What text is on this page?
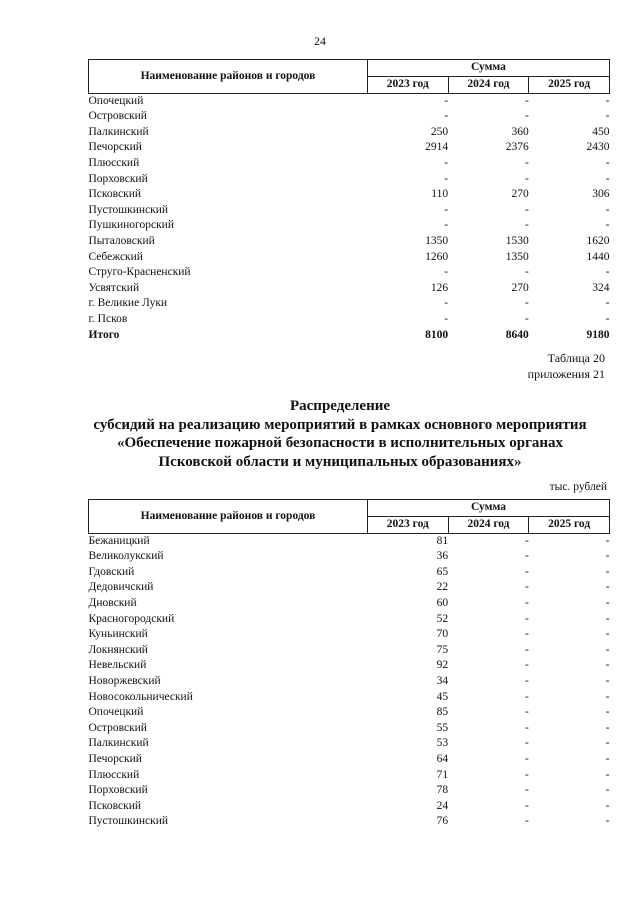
24
Наименование районов и городов	Сумма		
	2023 год	2024 год	2025 год
Опочецкий	-	-	-
Островский	-	-	-
Палкинский	250	360	450
Печорский	2914	2376	2430
Плюсский	-	-	-
Порховский	-	-	-
Псковский	110	270	306
Пустошкинский	-	-	-
Пушкиногорский	-	-	-
Пыталовский	1350	1530	1620
Себежский	1260	1350	1440
Струго-Красненский	-	-	-
Усвятский	126	270	324
г. Великие Луки	-	-	-
г. Псков	-	-	-
Итого	8100	8640	9180
Таблица 20
приложения 21
Распределение
субсидий на реализацию мероприятий в рамках основного мероприятия
«Обеспечение пожарной безопасности в исполнительных органах
Псковской области и муниципальных образованиях»
тыс. рублей
Наименование районов и городов	Сумма		
	2023 год	2024 год	2025 год
Бежаницкий	81	-	-
Великолукский	36	-	-
Гдовский	65	-	-
Дедовичский	22	-	-
Дновский	60	-	-
Красногородский	52	-	-
Куньинский	70	-	-
Локнянский	75	-	-
Невельский	92	-	-
Новоржевский	34	-	-
Новосокольнический	45	-	-
Опочецкий	85	-	-
Островский	55	-	-
Палкинский	53	-	-
Печорский	64	-	-
Плюсский	71	-	-
Порховский	78	-	-
Псковский	24	-	-
Пустошкинский	76	-	-
